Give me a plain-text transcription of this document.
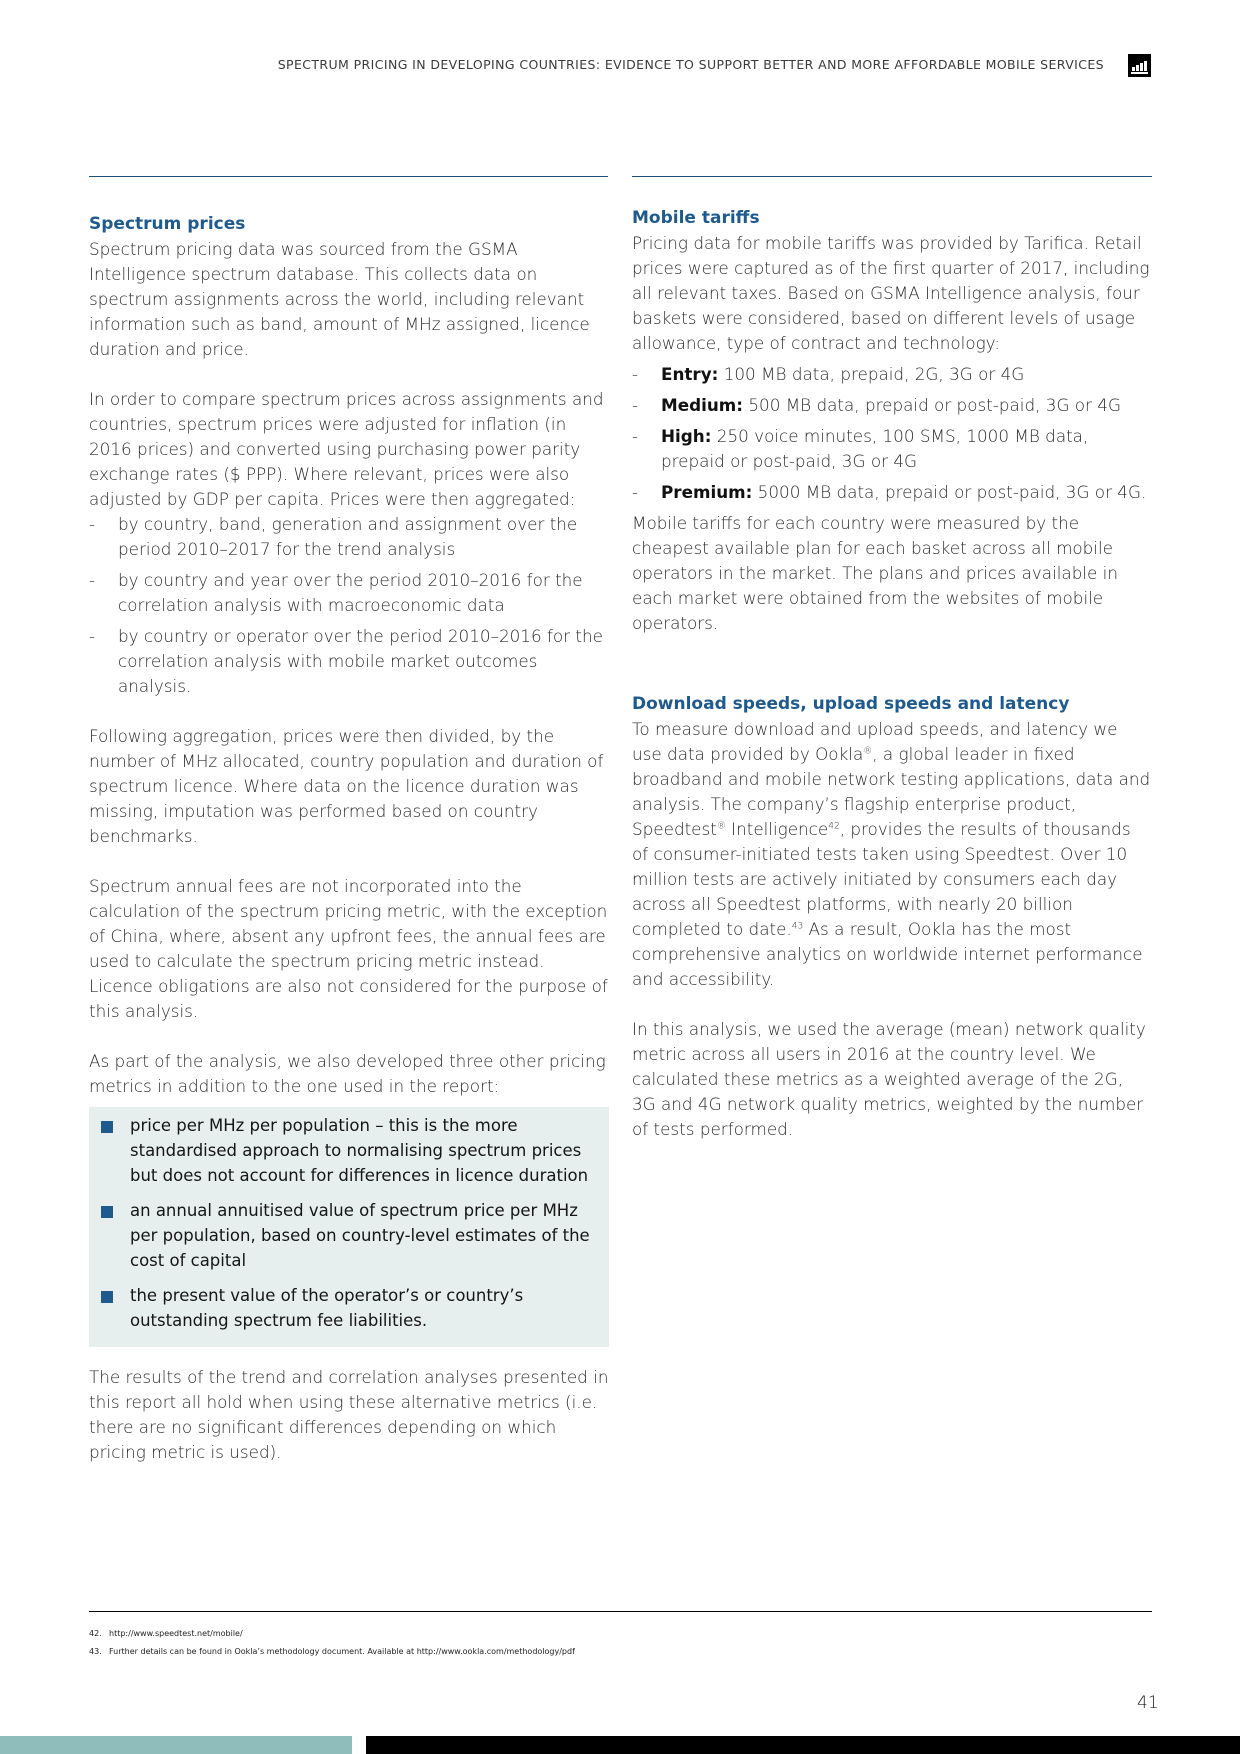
SPECTRUM PRICING IN DEVELOPING COUNTRIES: EVIDENCE TO SUPPORT BETTER AND MORE AFFORDABLE MOBILE SERVICES
Spectrum prices

Spectrum pricing data was sourced from the GSMA Intelligence spectrum database. This collects data on spectrum assignments across the world, including relevant information such as band, amount of MHz assigned, licence duration and price.

In order to compare spectrum prices across assignments and countries, spectrum prices were adjusted for inflation (in 2016 prices) and converted using purchasing power parity exchange rates ($ PPP). Where relevant, prices were also adjusted by GDP per capita. Prices were then aggregated:

- by country, band, generation and assignment over the period 2010–2017 for the trend analysis
- by country and year over the period 2010–2016 for the correlation analysis with macroeconomic data
- by country or operator over the period 2010–2016 for the correlation analysis with mobile market outcomes analysis.

Following aggregation, prices were then divided, by the number of MHz allocated, country population and duration of spectrum licence. Where data on the licence duration was missing, imputation was performed based on country benchmarks.

Spectrum annual fees are not incorporated into the calculation of the spectrum pricing metric, with the exception of China, where, absent any upfront fees, the annual fees are used to calculate the spectrum pricing metric instead. Licence obligations are also not considered for the purpose of this analysis.

As part of the analysis, we also developed three other pricing metrics in addition to the one used in the report:

price per MHz per population – this is the more standardised approach to normalising spectrum prices but does not account for differences in licence duration
an annual annuitised value of spectrum price per MHz per population, based on country-level estimates of the cost of capital
the present value of the operator’s or country’s outstanding spectrum fee liabilities.

The results of the trend and correlation analyses presented in this report all hold when using these alternative metrics (i.e. there are no significant differences depending on which pricing metric is used).

Mobile tariffs

Pricing data for mobile tariffs was provided by Tarifica. Retail prices were captured as of the first quarter of 2017, including all relevant taxes. Based on GSMA Intelligence analysis, four baskets were considered, based on different levels of usage allowance, type of contract and technology:

- Entry: 100 MB data, prepaid, 2G, 3G or 4G
- Medium: 500 MB data, prepaid or post-paid, 3G or 4G
- High: 250 voice minutes, 100 SMS, 1000 MB data, prepaid or post-paid, 3G or 4G
- Premium: 5000 MB data, prepaid or post-paid, 3G or 4G.

Mobile tariffs for each country were measured by the cheapest available plan for each basket across all mobile operators in the market. The plans and prices available in each market were obtained from the websites of mobile operators.

Download speeds, upload speeds and latency

To measure download and upload speeds, and latency we use data provided by Ookla®, a global leader in fixed broadband and mobile network testing applications, data and analysis. The company’s flagship enterprise product, Speedtest® Intelligence$^{42}$, provides the results of thousands of consumer-initiated tests taken using Speedtest. Over 10 million tests are actively initiated by consumers each day across all Speedtest platforms, with nearly 20 billion completed to date.$^{43}$ As a result, Ookla has the most comprehensive analytics on worldwide internet performance and accessibility.

In this analysis, we used the average (mean) network quality metric across all users in 2016 at the country level. We calculated these metrics as a weighted average of the 2G, 3G and 4G network quality metrics, weighted by the number of tests performed.

42. http://www.speedtest.net/mobile/
43. Further details can be found in Ookla’s methodology document. Available at http://www.ookla.com/methodology/pdf
41
